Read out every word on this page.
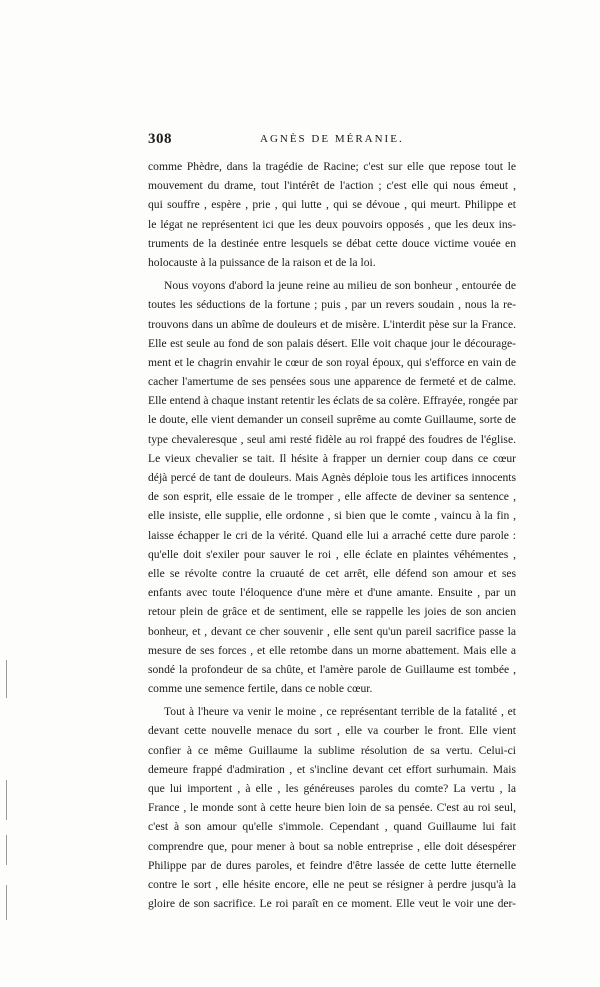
308	AGNÈS DE MÉRANIE.
comme Phèdre, dans la tragédie de Racine; c'est sur elle que repose tout le
mouvement du drame, tout l'intérêt de l'action ; c'est elle qui nous émeut ,
qui souffre , espère , prie , qui lutte , qui se dévoue , qui meurt. Philippe et
le légat ne représentent ici que les deux pouvoirs opposés , que les deux ins-
truments de la destinée entre lesquels se débat cette douce victime vouée en
holocauste à la puissance de la raison et de la loi.
Nous voyons d'abord la jeune reine au milieu de son bonheur , entourée de
toutes les séductions de la fortune ; puis , par un revers soudain , nous la re-
trouvons dans un abîme de douleurs et de misère. L'interdit pèse sur la France.
Elle est seule au fond de son palais désert. Elle voit chaque jour le décourage-
ment et le chagrin envahir le cœur de son royal époux, qui s'efforce en vain de
cacher l'amertume de ses pensées sous une apparence de fermeté et de calme.
Elle entend à chaque instant retentir les éclats de sa colère. Effrayée, rongée par
le doute, elle vient demander un conseil suprême au comte Guillaume, sorte de
type chevaleresque , seul ami resté fidèle au roi frappé des foudres de l'église.
Le vieux chevalier se tait. Il hésite à frapper un dernier coup dans ce cœur
déjà percé de tant de douleurs. Mais Agnès déploie tous les artifices innocents
de son esprit, elle essaie de le tromper , elle affecte de deviner sa sentence ,
elle insiste, elle supplie, elle ordonne , si bien que le comte , vaincu à la fin ,
laisse échapper le cri de la vérité. Quand elle lui a arraché cette dure parole :
qu'elle doit s'exiler pour sauver le roi , elle éclate en plaintes véhémentes ,
elle se révolte contre la cruauté de cet arrêt, elle défend son amour et ses
enfants avec toute l'éloquence d'une mère et d'une amante. Ensuite , par un
retour plein de grâce et de sentiment, elle se rappelle les joies de son ancien
bonheur, et , devant ce cher souvenir , elle sent qu'un pareil sacrifice passe la
mesure de ses forces , et elle retombe dans un morne abattement. Mais elle a
sondé la profondeur de sa chûte, et l'amère parole de Guillaume est tombée ,
comme une semence fertile, dans ce noble cœur.
Tout à l'heure va venir le moine , ce représentant terrible de la fatalité , et
devant cette nouvelle menace du sort , elle va courber le front. Elle vient
confier à ce même Guillaume la sublime résolution de sa vertu. Celui-ci
demeure frappé d'admiration , et s'incline devant cet effort surhumain. Mais
que lui importent , à elle , les généreuses paroles du comte? La vertu , la
France , le monde sont à cette heure bien loin de sa pensée. C'est au roi seul,
c'est à son amour qu'elle s'immole. Cependant , quand Guillaume lui fait
comprendre que, pour mener à bout sa noble entreprise , elle doit désespérer
Philippe par de dures paroles, et feindre d'être lassée de cette lutte éternelle
contre le sort , elle hésite encore, elle ne peut se résigner à perdre jusqu'à la
gloire de son sacrifice. Le roi paraît en ce moment. Elle veut le voir une der-
